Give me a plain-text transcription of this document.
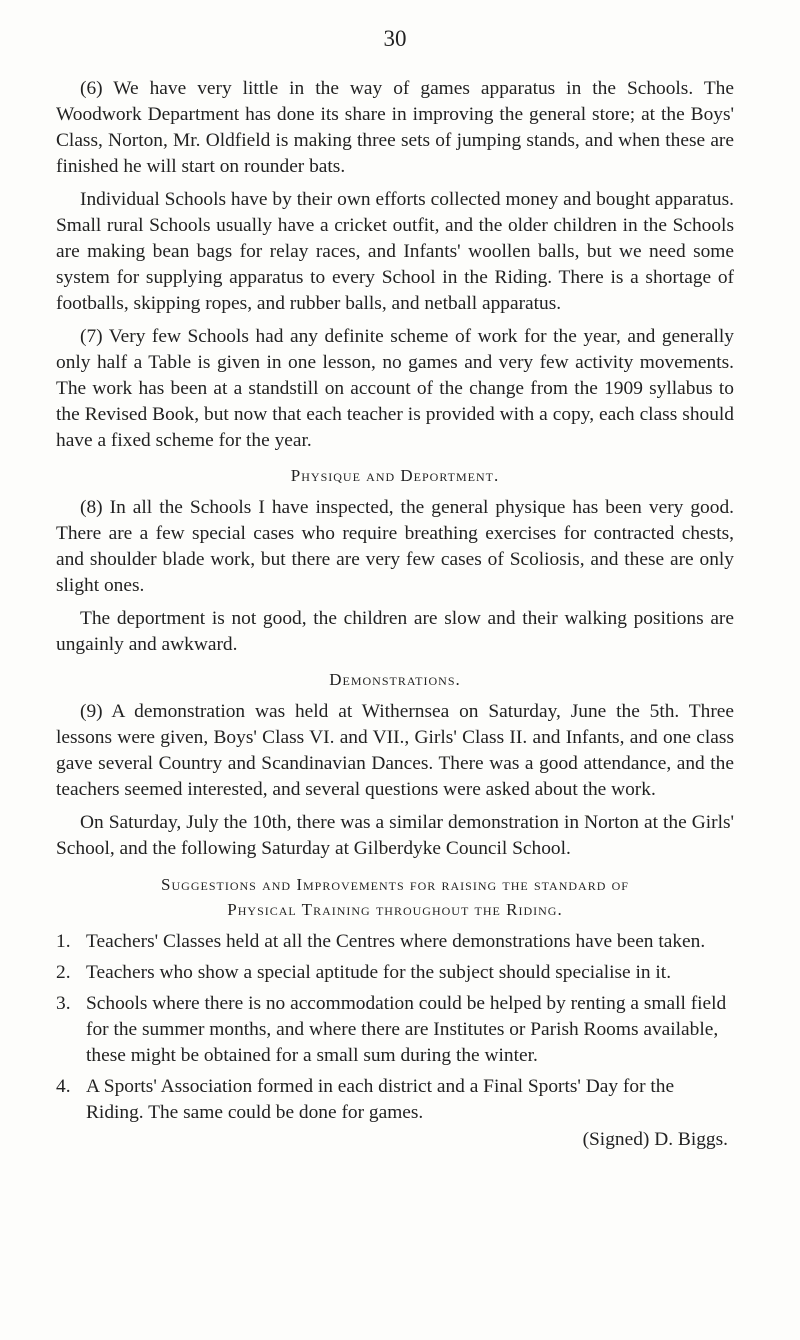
30

(6) We have very little in the way of games apparatus in the Schools. The Woodwork Department has done its share in improving the general store; at the Boys' Class, Norton, Mr. Oldfield is making three sets of jumping stands, and when these are finished he will start on rounder bats.

Individual Schools have by their own efforts collected money and bought apparatus. Small rural Schools usually have a cricket outfit, and the older children in the Schools are making bean bags for relay races, and Infants' woollen balls, but we need some system for supplying apparatus to every School in the Riding. There is a shortage of footballs, skipping ropes, and rubber balls, and netball apparatus.

(7) Very few Schools had any definite scheme of work for the year, and generally only half a Table is given in one lesson, no games and very few activity movements. The work has been at a standstill on account of the change from the 1909 syllabus to the Revised Book, but now that each teacher is provided with a copy, each class should have a fixed scheme for the year.

Physique and Deportment.

(8) In all the Schools I have inspected, the general physique has been very good. There are a few special cases who require breathing exercises for contracted chests, and shoulder blade work, but there are very few cases of Scoliosis, and these are only slight ones.

The deportment is not good, the children are slow and their walking positions are ungainly and awkward.

Demonstrations.

(9) A demonstration was held at Withernsea on Saturday, June the 5th. Three lessons were given, Boys' Class VI. and VII., Girls' Class II. and Infants, and one class gave several Country and Scandinavian Dances. There was a good attendance, and the teachers seemed interested, and several questions were asked about the work.

On Saturday, July the 10th, there was a similar demonstration in Norton at the Girls' School, and the following Saturday at Gilberdyke Council School.

Suggestions and Improvements for raising the standard of
Physical Training throughout the Riding.
1. Teachers' Classes held at all the Centres where demonstrations have been taken.
2. Teachers who show a special aptitude for the subject should specialise in it.
3. Schools where there is no accommodation could be helped by renting a small field for the summer months, and where there are Institutes or Parish Rooms available, these might be obtained for a small sum during the winter.
4. A Sports' Association formed in each district and a Final Sports' Day for the Riding. The same could be done for games.
(Signed) D. Biggs.
